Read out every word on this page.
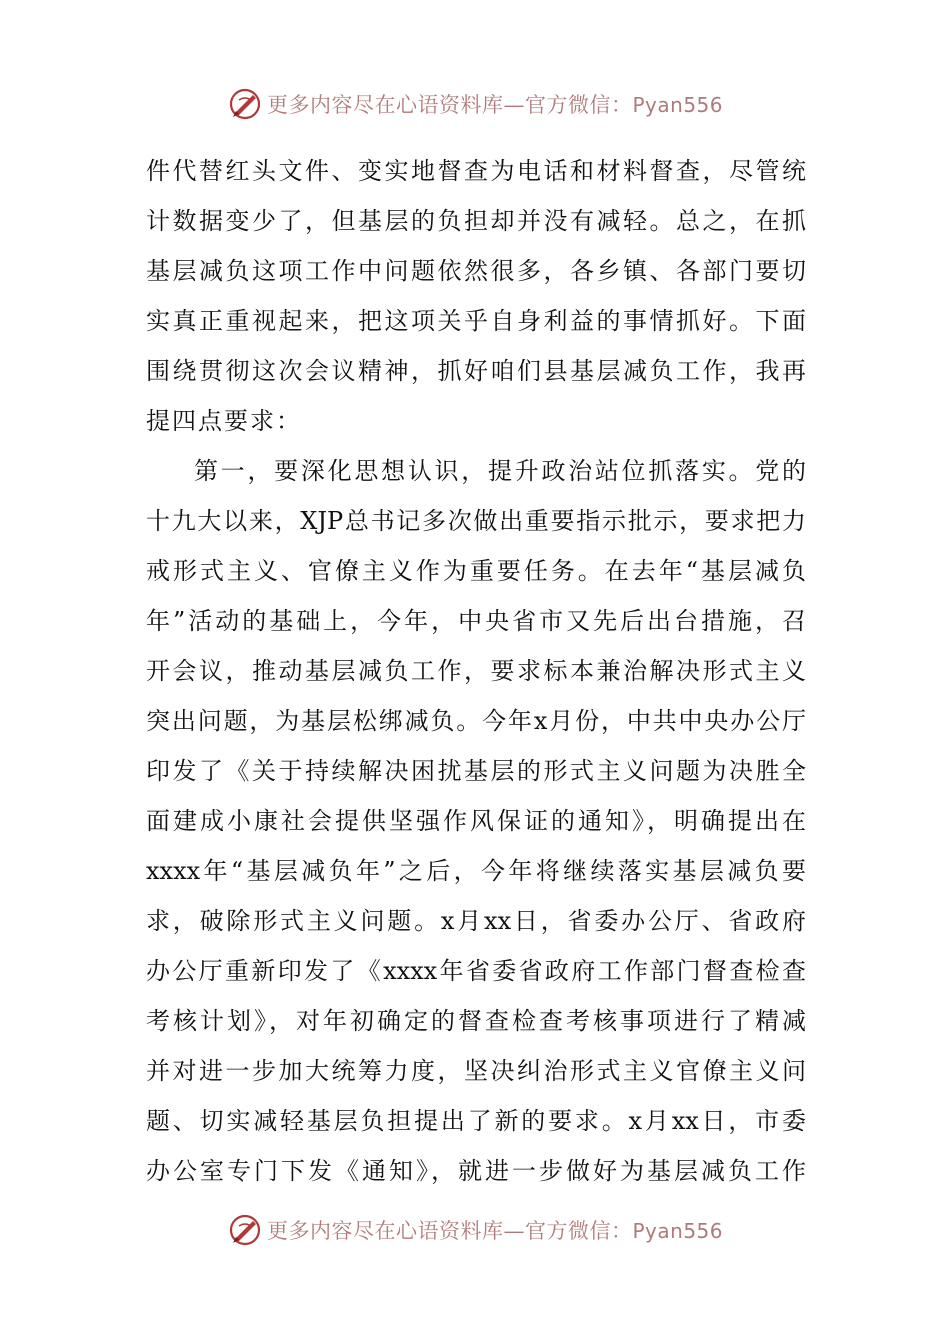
更多内容尽在心语资料库—官方微信：Pyan556
件代替红头文件、变实地督查为电话和材料督查，尽管统
计数据变少了，但基层的负担却并没有减轻。总之，在抓
基层减负这项工作中问题依然很多，各乡镇、各部门要切
实真正重视起来，把这项关乎自身利益的事情抓好。下面
围绕贯彻这次会议精神，抓好咱们县基层减负工作，我再
提四点要求：
第一，要深化思想认识，提升政治站位抓落实。党的
十九大以来，XJP总书记多次做出重要指示批示，要求把力
戒形式主义、官僚主义作为重要任务。在去年“基层减负
年”活动的基础上，今年，中央省市又先后出台措施，召
开会议，推动基层减负工作，要求标本兼治解决形式主义
突出问题，为基层松绑减负。今年x月份，中共中央办公厅
印发了《关于持续解决困扰基层的形式主义问题为决胜全
面建成小康社会提供坚强作风保证的通知》，明确提出在
xxxx年“基层减负年”之后，今年将继续落实基层减负要
求，破除形式主义问题。x月xx日，省委办公厅、省政府
办公厅重新印发了《xxxx年省委省政府工作部门督查检查
考核计划》，对年初确定的督查检查考核事项进行了精减
并对进一步加大统筹力度，坚决纠治形式主义官僚主义问
题、切实减轻基层负担提出了新的要求。x月xx日，市委
办公室专门下发《通知》，就进一步做好为基层减负工作
更多内容尽在心语资料库—官方微信：Pyan556
